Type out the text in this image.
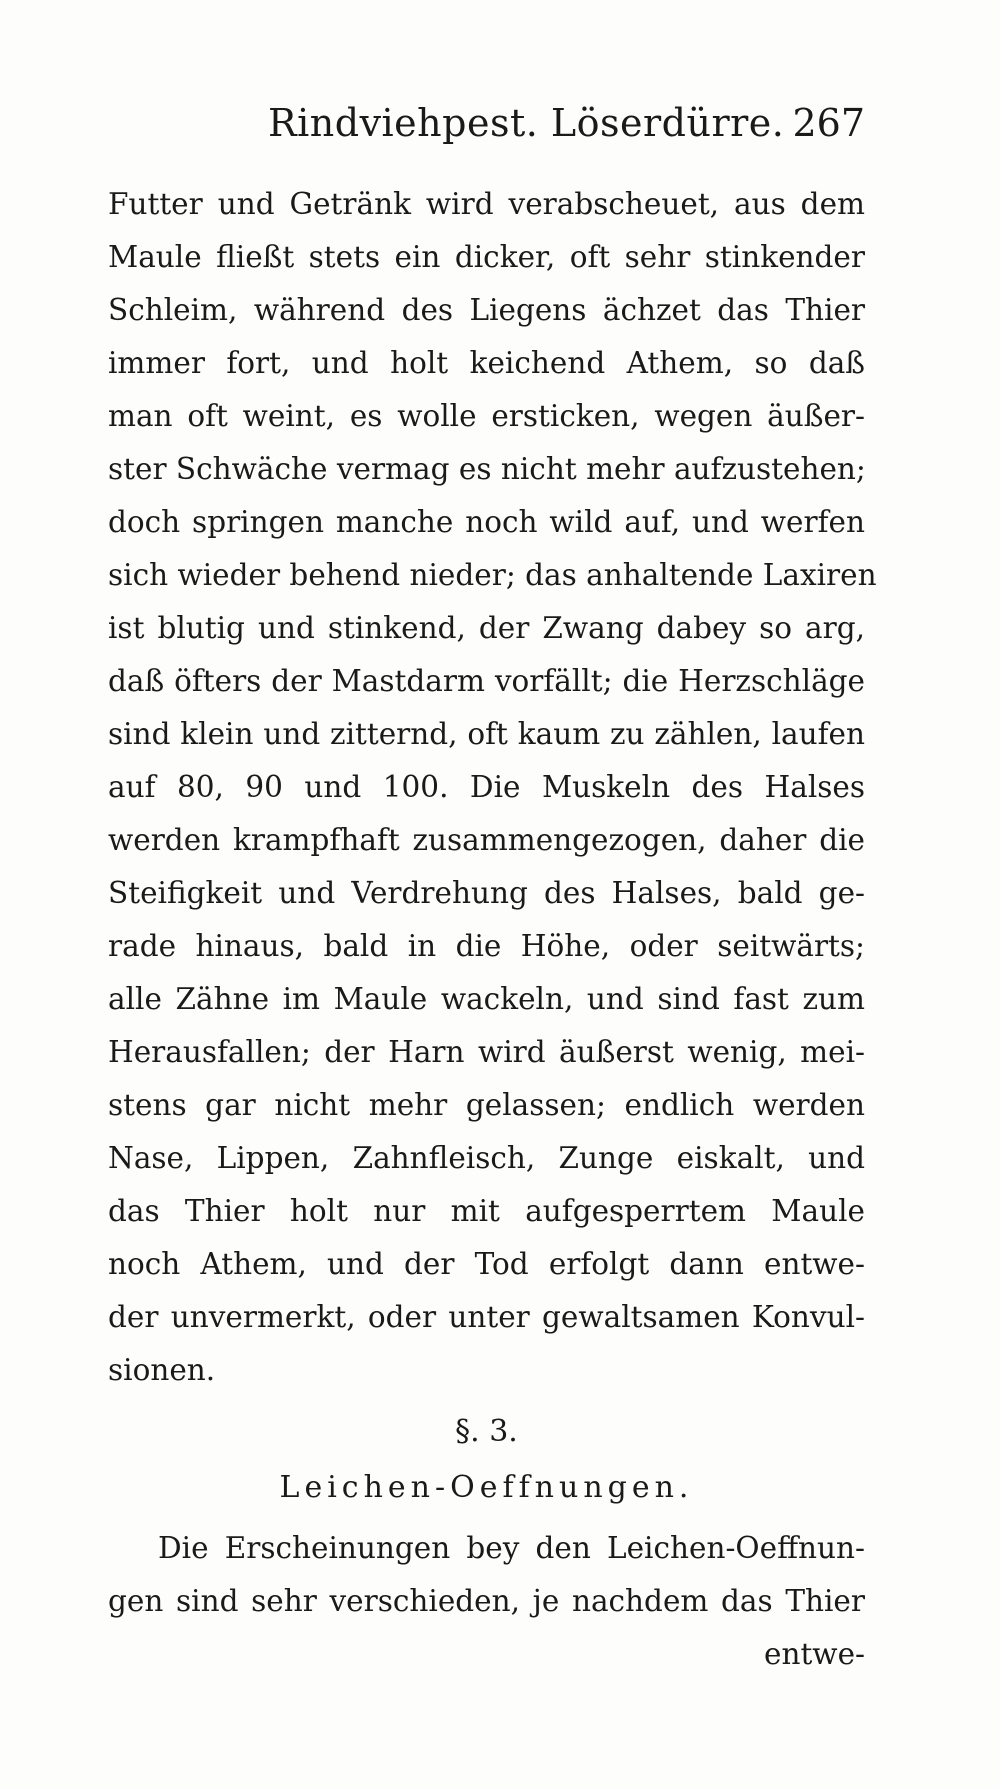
Rindviehpest. Löserdürre. 267
Futter und Getränk wird verabscheuet, aus dem
Maule fließt stets ein dicker, oft sehr stinkender
Schleim, während des Liegens ächzet das Thier
immer fort, und holt keichend Athem, so daß
man oft weint, es wolle ersticken, wegen äußer-
ster Schwäche vermag es nicht mehr aufzustehen;
doch springen manche noch wild auf, und werfen
sich wieder behend nieder; das anhaltende Laxiren
ist blutig und stinkend, der Zwang dabey so arg,
daß öfters der Mastdarm vorfällt; die Herzschläge
sind klein und zitternd, oft kaum zu zählen, laufen
auf 80, 90 und 100. Die Muskeln des Halses
werden krampfhaft zusammengezogen, daher die
Steifigkeit und Verdrehung des Halses, bald ge-
rade hinaus, bald in die Höhe, oder seitwärts;
alle Zähne im Maule wackeln, und sind fast zum
Herausfallen; der Harn wird äußerst wenig, mei-
stens gar nicht mehr gelassen; endlich werden
Nase, Lippen, Zahnfleisch, Zunge eiskalt, und
das Thier holt nur mit aufgesperrtem Maule
noch Athem, und der Tod erfolgt dann entwe-
der unvermerkt, oder unter gewaltsamen Konvul-
sionen.
§. 3.
Leichen-Oeffnungen.
Die Erscheinungen bey den Leichen-Oeffnun-
gen sind sehr verschieden, je nachdem das Thier
entwe-
